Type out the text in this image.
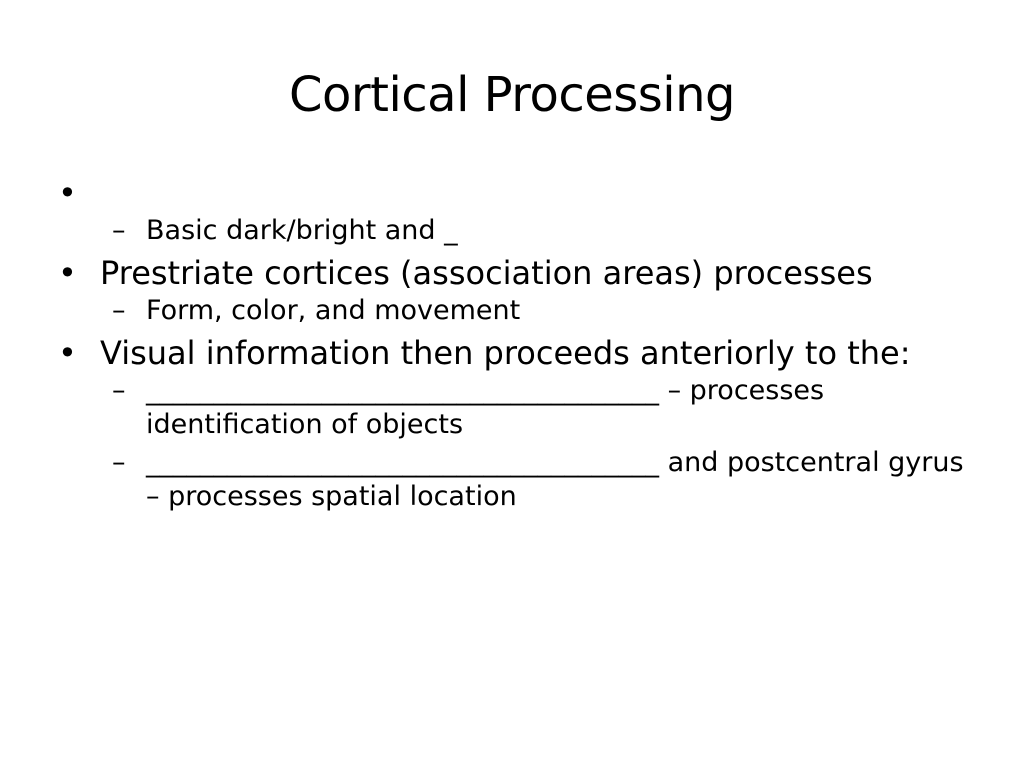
Cortical Processing
•
– Basic dark/bright and _
• Prestriate cortices (association areas) processes
– Form, color, and movement
• Visual information then proceeds anteriorly to the:
– ______________________________________ – processes identification of objects
– ______________________________________ and postcentral gyrus – processes spatial location
